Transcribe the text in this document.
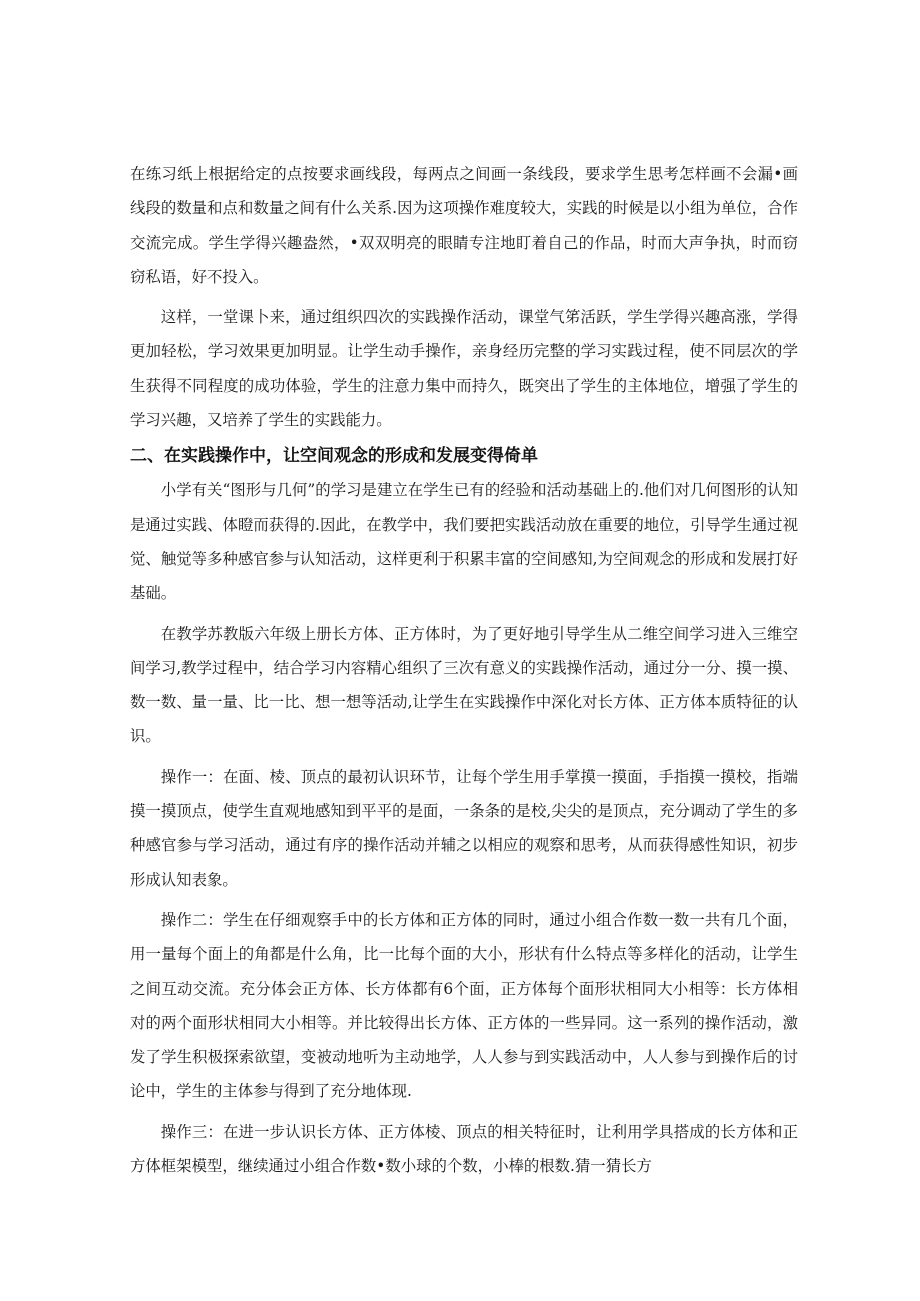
在练习纸上根据给定的点按要求画线段，每两点之间画一条线段，要求学生思考怎样画不会漏•画线段的数量和点和数量之间有什么关系.因为这项操作难度较大，实践的时候是以小组为单位，合作交流完成。学生学得兴趣盎然，•双双明亮的眼睛专注地盯着自己的作品，时而大声争执，时而窃窃私语，好不投入。

这样，一堂课卜来，通过组织四次的实践操作活动，课堂气笫活跃，学生学得兴趣高涨，学得更加轻松，学习效果更加明显。让学生动手操作，亲身经历完整的学习实践过程，使不同层次的学生获得不同程度的成功体验，学生的注意力集中而持久，既突出了学生的主体地位，增强了学生的学习兴趣，又培养了学生的实践能力。

二、在实践操作中，让空间观念的形成和发展变得倚单

小学有关“图形与几何”的学习是建立在学生已有的经验和活动基础上的.他们对几何图形的认知是通过实践、体瞪而获得的.因此，在教学中，我们要把实践活动放在重要的地位，引导学生通过视觉、触觉等多种感官参与认知活动，这样更利于积累丰富的空间感知,为空间观念的形成和发展打好基础。

在教学苏教版六年级上册长方体、正方体时，为了更好地引导学生从二维空间学习进入三维空间学习,教学过程中，结合学习内容精心组织了三次有意义的实践操作活动，通过分一分、摸一摸、数一数、量一量、比一比、想一想等活动,让学生在实践操作中深化对长方体、正方体本质特征的认识。

操作一：在面、棱、顶点的最初认识环节，让每个学生用手掌摸一摸面，手指摸一摸校，指端摸一摸顶点，使学生直观地感知到平平的是面，一条条的是校,尖尖的是顶点，充分调动了学生的多种感官参与学习活动，通过有序的操作活动并辅之以相应的观察和思考，从而获得感性知识，初步形成认知表象。

操作二：学生在仔细观察手中的长方体和正方体的同时，通过小组合作数一数一共有几个面，用一量每个面上的角都是什么角，比一比每个面的大小，形状有什么特点等多样化的活动，让学生之间互动交流。充分体会正方体、长方体都有6个面，正方体每个面形状相同大小相等：长方体相对的两个面形状相同大小相等。并比较得出长方体、正方体的一些异同。这一系列的操作活动，激发了学生积极探索欲望，变被动地听为主动地学，人人参与到实践活动中，人人参与到操作后的讨论中，学生的主体参与得到了充分地体现.

操作三：在进一步认识长方体、正方体棱、顶点的相关特征时，让利用学具搭成的长方体和正方体框架模型，继续通过小组合作数•数小球的个数，小棒的根数.猜一猜长方
